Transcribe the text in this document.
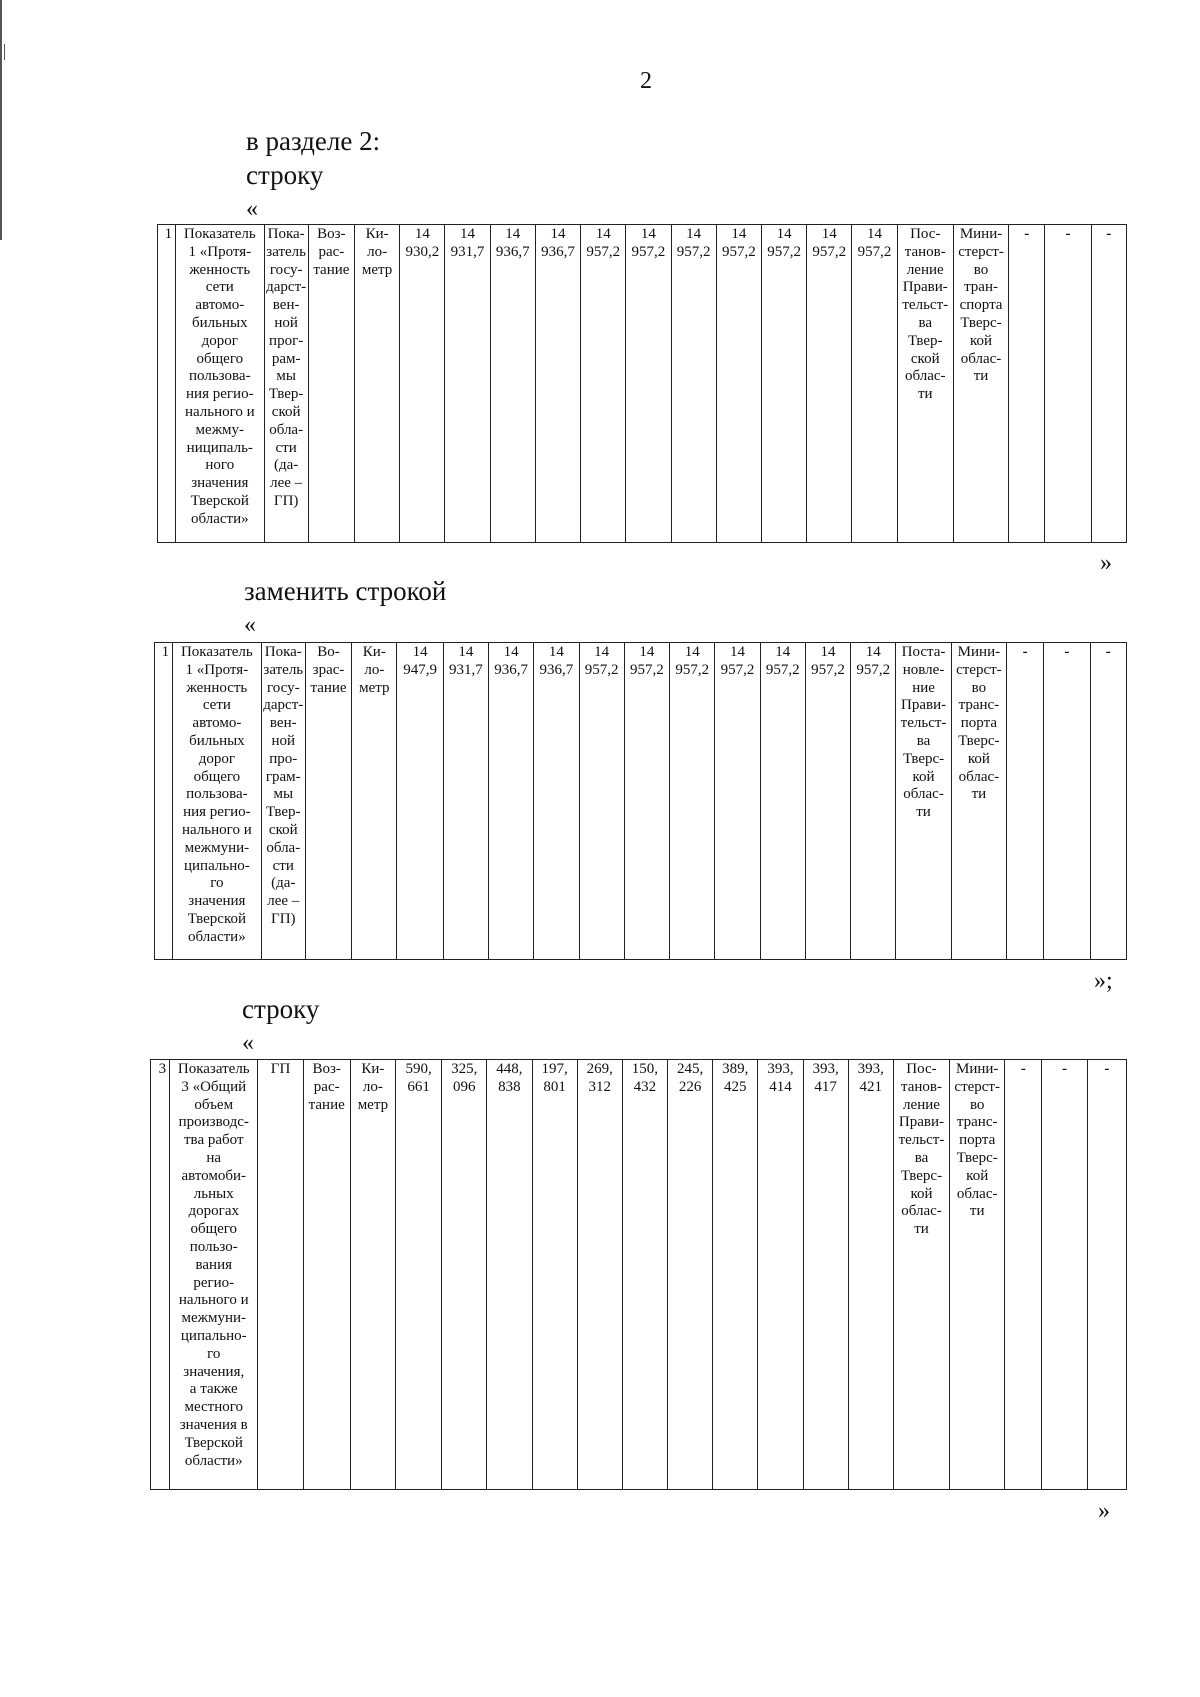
2
в разделе 2:
строку
«
1	Показатель
1 «Протя-
женность
сети
автомо-
бильных
дорог
общего
пользова-
ния регио-
нального и
межму-
ниципаль-
ного
значения
Тверской
области»	Пока-
затель
госу-
дарст-
вен-
ной
прог-
рам-
мы
Твер-
ской
обла-
сти
(да-
лее –
ГП)	Воз-
рас-
тание	Ки-
ло-
метр	14
930,2	14
931,7	14
936,7	14
936,7	14
957,2	14
957,2	14
957,2	14
957,2	14
957,2	14
957,2	14
957,2	Пос-
танов-
ление
Прави-
тельст-
ва
Твер-
ской
облас-
ти	Мини-
стерст-
во
тран-
спорта
Тверс-
кой
облас-
ти	-	-	-
»
заменить строкой
«
1	Показатель
1 «Протя-
женность
сети
автомо-
бильных
дорог
общего
пользова-
ния регио-
нального и
межмуни-
ципально-
го
значения
Тверской
области»	Пока-
затель
госу-
дарст-
вен-
ной
про-
грам-
мы
Твер-
ской
обла-
сти
(да-
лее –
ГП)	Во-
зрас-
тание	Ки-
ло-
метр	14
947,9	14
931,7	14
936,7	14
936,7	14
957,2	14
957,2	14
957,2	14
957,2	14
957,2	14
957,2	14
957,2	Поста-
новле-
ние
Прави-
тельст-
ва
Тверс-
кой
облас-
ти	Мини-
стерст-
во
транс-
порта
Тверс-
кой
облас-
ти	-	-	-
»;
строку
«
3	Показатель
3 «Общий
объем
производс-
тва работ
на
автомоби-
льных
дорогах
общего
пользо-
вания
регио-
нального и
межмуни-
ципально-
го
значения,
а также
местного
значения в
Тверской
области»	ГП	Воз-
рас-
тание	Ки-
ло-
метр	590,
661	325,
096	448,
838	197,
801	269,
312	150,
432	245,
226	389,
425	393,
414	393,
417	393,
421	Пос-
танов-
ление
Прави-
тельст-
ва
Тверс-
кой
облас-
ти	Мини-
стерст-
во
транс-
порта
Тверс-
кой
облас-
ти	-	-	-
»
